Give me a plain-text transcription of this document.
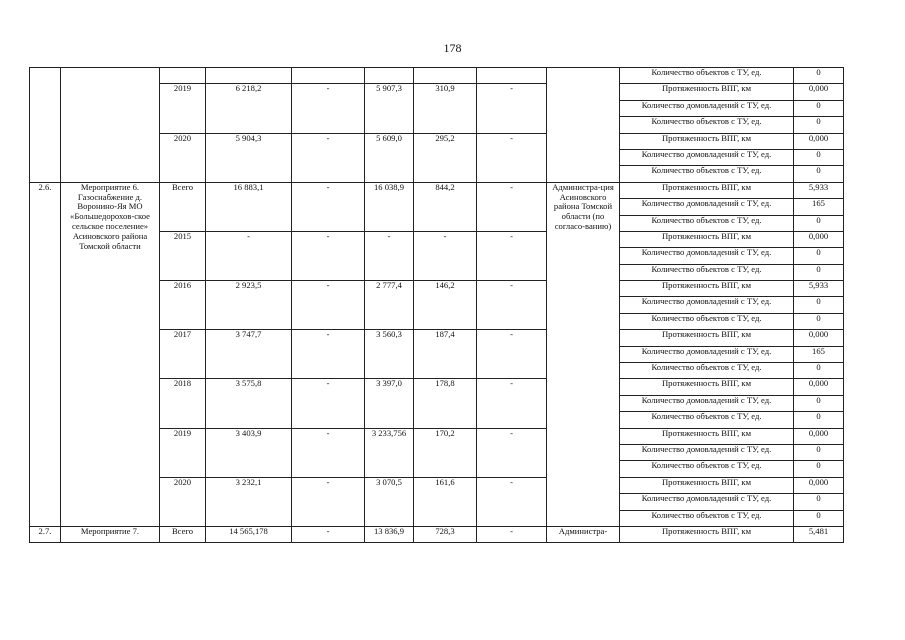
178
									Количество объектов с ТУ, ед.	0
		2019	6 218,2	-	5 907,3	310,9	-		Протяженность ВПГ, км	0,000
									Количество домовладений с ТУ, ед.	0
									Количество объектов с ТУ, ед.	0
		2020	5 904,3	-	5 609,0	295,2	-		Протяженность ВПГ, км	0,000
									Количество домовладений с ТУ, ед.	0
									Количество объектов с ТУ, ед.	0
2.6.	Мероприятие 6. Газоснабжение д. Воронино-Яя МО «Большедорохов-ское сельское поселение» Асиновского района Томской области	Всего	16 883,1	-	16 038,9	844,2	-	Администра-ция Асиновского района Томской области (по согласо-ванию)	Протяженность ВПГ, км	5,933
									Количество домовладений с ТУ, ед.	165
									Количество объектов с ТУ, ед.	0
		2015	-	-	-	-	-		Протяженность ВПГ, км	0,000
									Количество домовладений с ТУ, ед.	0
									Количество объектов с ТУ, ед.	0
		2016	2 923,5	-	2 777,4	146,2	-		Протяженность ВПГ, км	5,933
									Количество домовладений с ТУ, ед.	0
									Количество объектов с ТУ, ед.	0
		2017	3 747,7	-	3 560,3	187,4	-		Протяженность ВПГ, км	0,000
									Количество домовладений с ТУ, ед.	165
									Количество объектов с ТУ, ед.	0
		2018	3 575,8	-	3 397,0	178,8	-		Протяженность ВПГ, км	0,000
									Количество домовладений с ТУ, ед.	0
									Количество объектов с ТУ, ед.	0
		2019	3 403,9	-	3 233,756	170,2	-		Протяженность ВПГ, км	0,000
									Количество домовладений с ТУ, ед.	0
									Количество объектов с ТУ, ед.	0
		2020	3 232,1	-	3 070,5	161,6	-		Протяженность ВПГ, км	0,000
									Количество домовладений с ТУ, ед.	0
									Количество объектов с ТУ, ед.	0
2.7.	Мероприятие 7.	Всего	14 565,178	-	13 836,9	728,3	-	Администра-	Протяженность ВПГ, км	5,481
